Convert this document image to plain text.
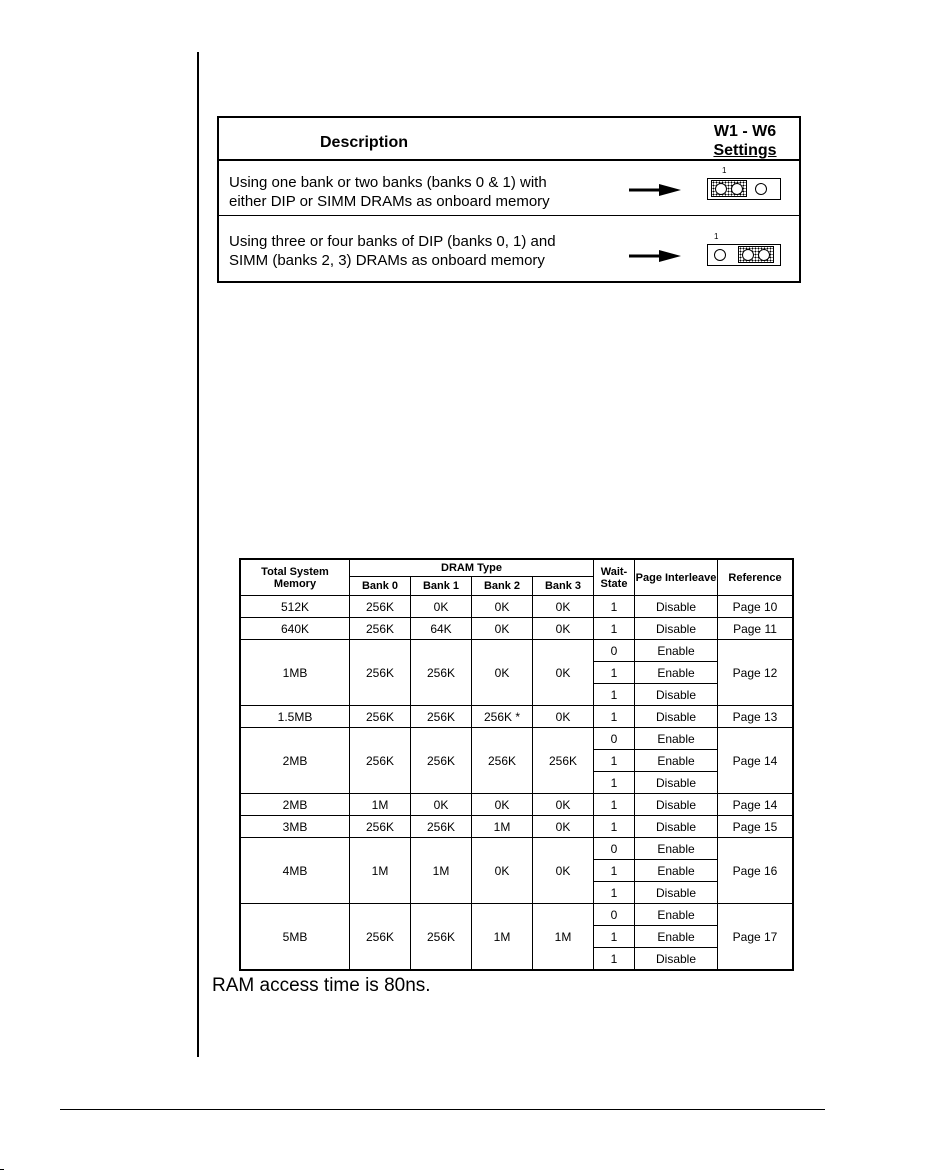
Description
W1 - W6
Settings
Using one bank or two banks (banks 0 & 1) with
either DIP or SIMM DRAMs as onboard memory
1
Using three or four banks of DIP (banks 0, 1) and
SIMM (banks 2, 3) DRAMs as onboard memory
1
Total System Memory	DRAM Type				Wait-State	Page Interleave	Reference
	Bank 0	Bank 1	Bank 2	Bank 3			
512K	256K	0K	0K	0K	1	Disable	Page 10
640K	256K	64K	0K	0K	1	Disable	Page 11
1MB	256K	256K	0K	0K	0	Enable	Page 12
					1	Enable	
					1	Disable	
1.5MB	256K	256K	256K *	0K	1	Disable	Page 13
2MB	256K	256K	256K	256K	0	Enable	Page 14
					1	Enable	
					1	Disable	
2MB	1M	0K	0K	0K	1	Disable	Page 14
3MB	256K	256K	1M	0K	1	Disable	Page 15
4MB	1M	1M	0K	0K	0	Enable	Page 16
					1	Enable	
					1	Disable	
5MB	256K	256K	1M	1M	0	Enable	Page 17
					1	Enable	
					1	Disable	
RAM access time is 80ns.
